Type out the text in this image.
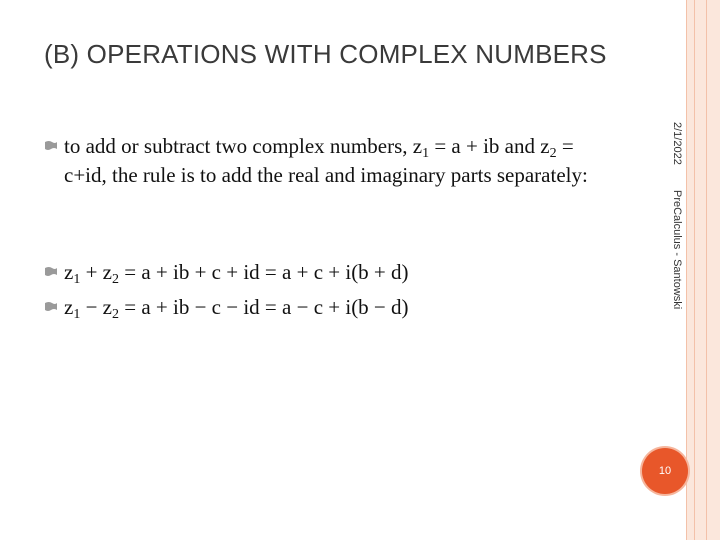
(B) OPERATIONS WITH COMPLEX NUMBERS
to add or subtract two complex numbers, $z_1 = a$ + ib and $z_2 = c+id$, the rule is to add the real and imaginary parts separately:
$z_1 + z_2 = a$ + ib + c + id = a + c + i(b + d)
$z_1 - z_2 = a$ + ib − c − id = a − c + i(b − d)
2/1/2022
PreCalculus - Santowski
10
